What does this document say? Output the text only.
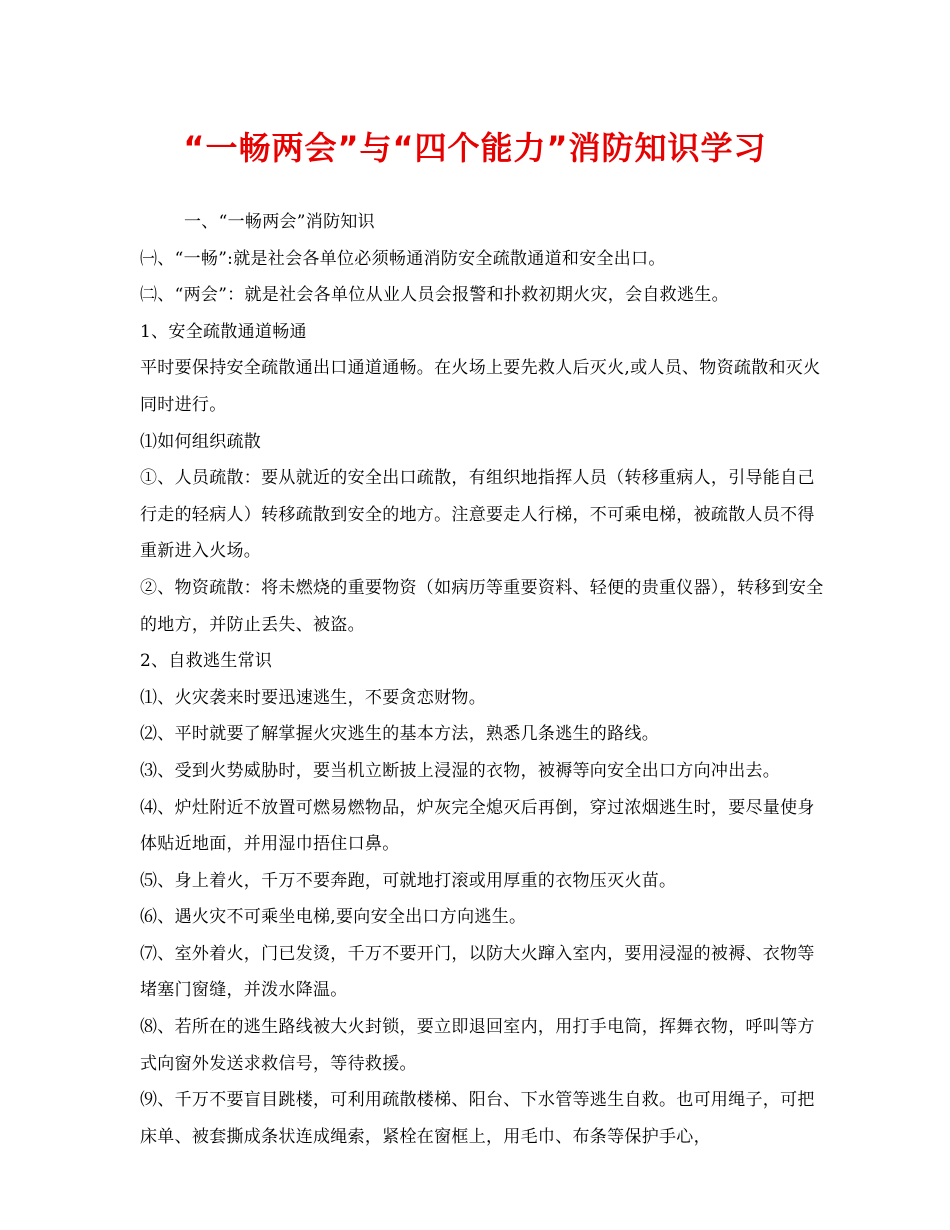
“一畅两会”与“四个能力”消防知识学习

一、“一畅两会”消防知识

㈠、“一畅”:就是社会各单位必须畅通消防安全疏散通道和安全出口。

㈡、“两会”：就是社会各单位从业人员会报警和扑救初期火灾，会自救逃生。

1、安全疏散通道畅通

平时要保持安全疏散通出口通道通畅。在火场上要先救人后灭火,或人员、物资疏散和灭火同时进行。

⑴如何组织疏散

①、人员疏散：要从就近的安全出口疏散，有组织地指挥人员（转移重病人，引导能自己行走的轻病人）转移疏散到安全的地方。注意要走人行梯，不可乘电梯，被疏散人员不得重新进入火场。

②、物资疏散：将未燃烧的重要物资（如病历等重要资料、轻便的贵重仪器），转移到安全的地方，并防止丢失、被盗。

2、自救逃生常识

⑴、火灾袭来时要迅速逃生，不要贪恋财物。

⑵、平时就要了解掌握火灾逃生的基本方法，熟悉几条逃生的路线。

⑶、受到火势威胁时，要当机立断披上浸湿的衣物，被褥等向安全出口方向冲出去。

⑷、炉灶附近不放置可燃易燃物品，炉灰完全熄灭后再倒，穿过浓烟逃生时，要尽量使身体贴近地面，并用湿巾捂住口鼻。

⑸、身上着火，千万不要奔跑，可就地打滚或用厚重的衣物压灭火苗。

⑹、遇火灾不可乘坐电梯,要向安全出口方向逃生。

⑺、室外着火，门已发烫，千万不要开门，以防大火蹿入室内，要用浸湿的被褥、衣物等堵塞门窗缝，并泼水降温。

⑻、若所在的逃生路线被大火封锁，要立即退回室内，用打手电筒，挥舞衣物，呼叫等方式向窗外发送求救信号，等待救援。

⑼、千万不要盲目跳楼，可利用疏散楼梯、阳台、下水管等逃生自救。也可用绳子，可把床单、被套撕成条状连成绳索，紧栓在窗框上，用毛巾、布条等保护手心，
